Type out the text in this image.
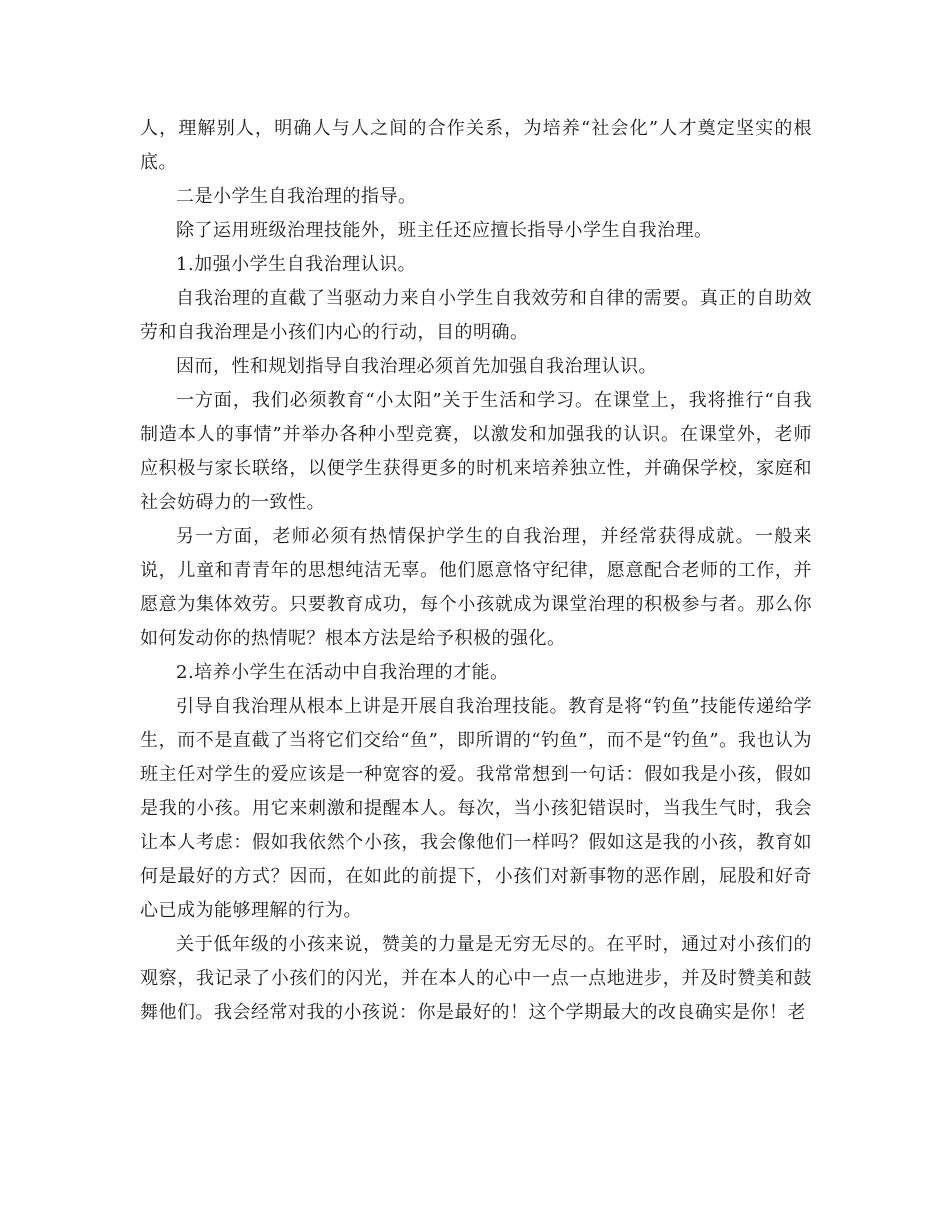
人，理解别人，明确人与人之间的合作关系，为培养“社会化”人才奠定坚实的根底。

二是小学生自我治理的指导。

除了运用班级治理技能外，班主任还应擅长指导小学生自我治理。

1.加强小学生自我治理认识。

自我治理的直截了当驱动力来自小学生自我效劳和自律的需要。真正的自助效劳和自我治理是小孩们内心的行动，目的明确。

因而，性和规划指导自我治理必须首先加强自我治理认识。

一方面，我们必须教育“小太阳”关于生活和学习。在课堂上，我将推行“自我制造本人的事情”并举办各种小型竞赛，以激发和加强我的认识。在课堂外，老师应积极与家长联络，以便学生获得更多的时机来培养独立性，并确保学校，家庭和社会妨碍力的一致性。

另一方面，老师必须有热情保护学生的自我治理，并经常获得成就。一般来说，儿童和青青年的思想纯洁无辜。他们愿意恪守纪律，愿意配合老师的工作，并愿意为集体效劳。只要教育成功，每个小孩就成为课堂治理的积极参与者。那么你如何发动你的热情呢？根本方法是给予积极的强化。

2.培养小学生在活动中自我治理的才能。

引导自我治理从根本上讲是开展自我治理技能。教育是将“钓鱼”技能传递给学生，而不是直截了当将它们交给“鱼”，即所谓的“钓鱼”，而不是“钓鱼”。我也认为班主任对学生的爱应该是一种宽容的爱。我常常想到一句话：假如我是小孩，假如是我的小孩。用它来刺激和提醒本人。每次，当小孩犯错误时，当我生气时，我会让本人考虑：假如我依然个小孩，我会像他们一样吗？假如这是我的小孩，教育如何是最好的方式？因而，在如此的前提下，小孩们对新事物的恶作剧，屁股和好奇心已成为能够理解的行为。

关于低年级的小孩来说，赞美的力量是无穷无尽的。在平时，通过对小孩们的观察，我记录了小孩们的闪光，并在本人的心中一点一点地进步，并及时赞美和鼓舞他们。我会经常对我的小孩说：你是最好的！这个学期最大的改良确实是你！老
